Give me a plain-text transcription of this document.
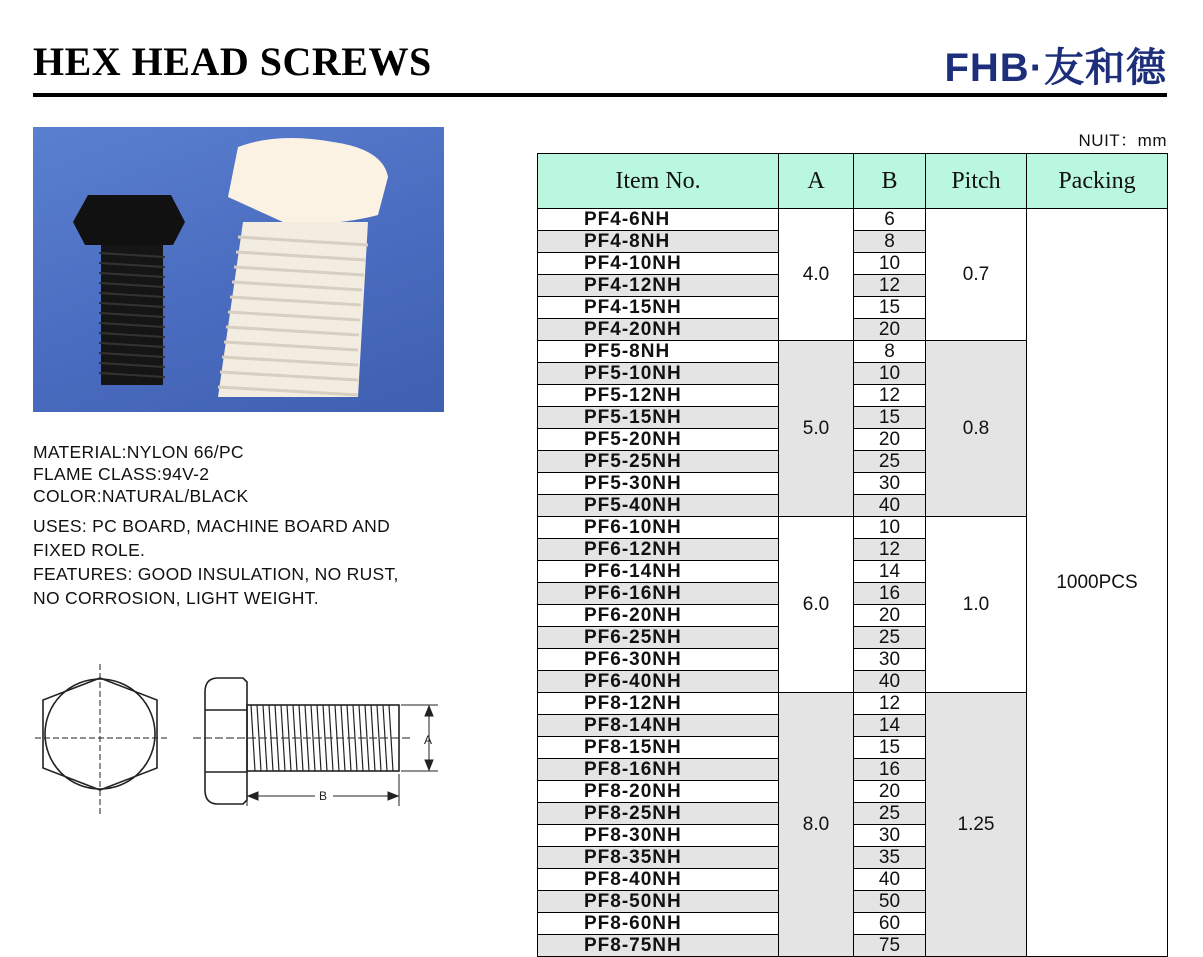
HEX HEAD SCREWS	FHB·友和德
MATERIAL:NYLON 66/PC
FLAME CLASS:94V-2
COLOR:NATURAL/BLACK
USES: PC BOARD, MACHINE BOARD AND
FIXED ROLE.
FEATURES: GOOD INSULATION, NO RUST,
NO CORROSION, LIGHT WEIGHT.
A
B
NUIT：mm
Item No.	A	B	Pitch	Packing
PF4-6NH	4.0	6	0.7	1000PCS
PF4-8NH		8		
PF4-10NH		10		
PF4-12NH		12		
PF4-15NH		15		
PF4-20NH		20		
PF5-8NH	5.0	8	0.8	
PF5-10NH		10		
PF5-12NH		12		
PF5-15NH		15		
PF5-20NH		20		
PF5-25NH		25		
PF5-30NH		30		
PF5-40NH		40		
PF6-10NH	6.0	10	1.0	
PF6-12NH		12		
PF6-14NH		14		
PF6-16NH		16		
PF6-20NH		20		
PF6-25NH		25		
PF6-30NH		30		
PF6-40NH		40		
PF8-12NH	8.0	12	1.25	
PF8-14NH		14		
PF8-15NH		15		
PF8-16NH		16		
PF8-20NH		20		
PF8-25NH		25		
PF8-30NH		30		
PF8-35NH		35		
PF8-40NH		40		
PF8-50NH		50		
PF8-60NH		60		
PF8-75NH		75		
